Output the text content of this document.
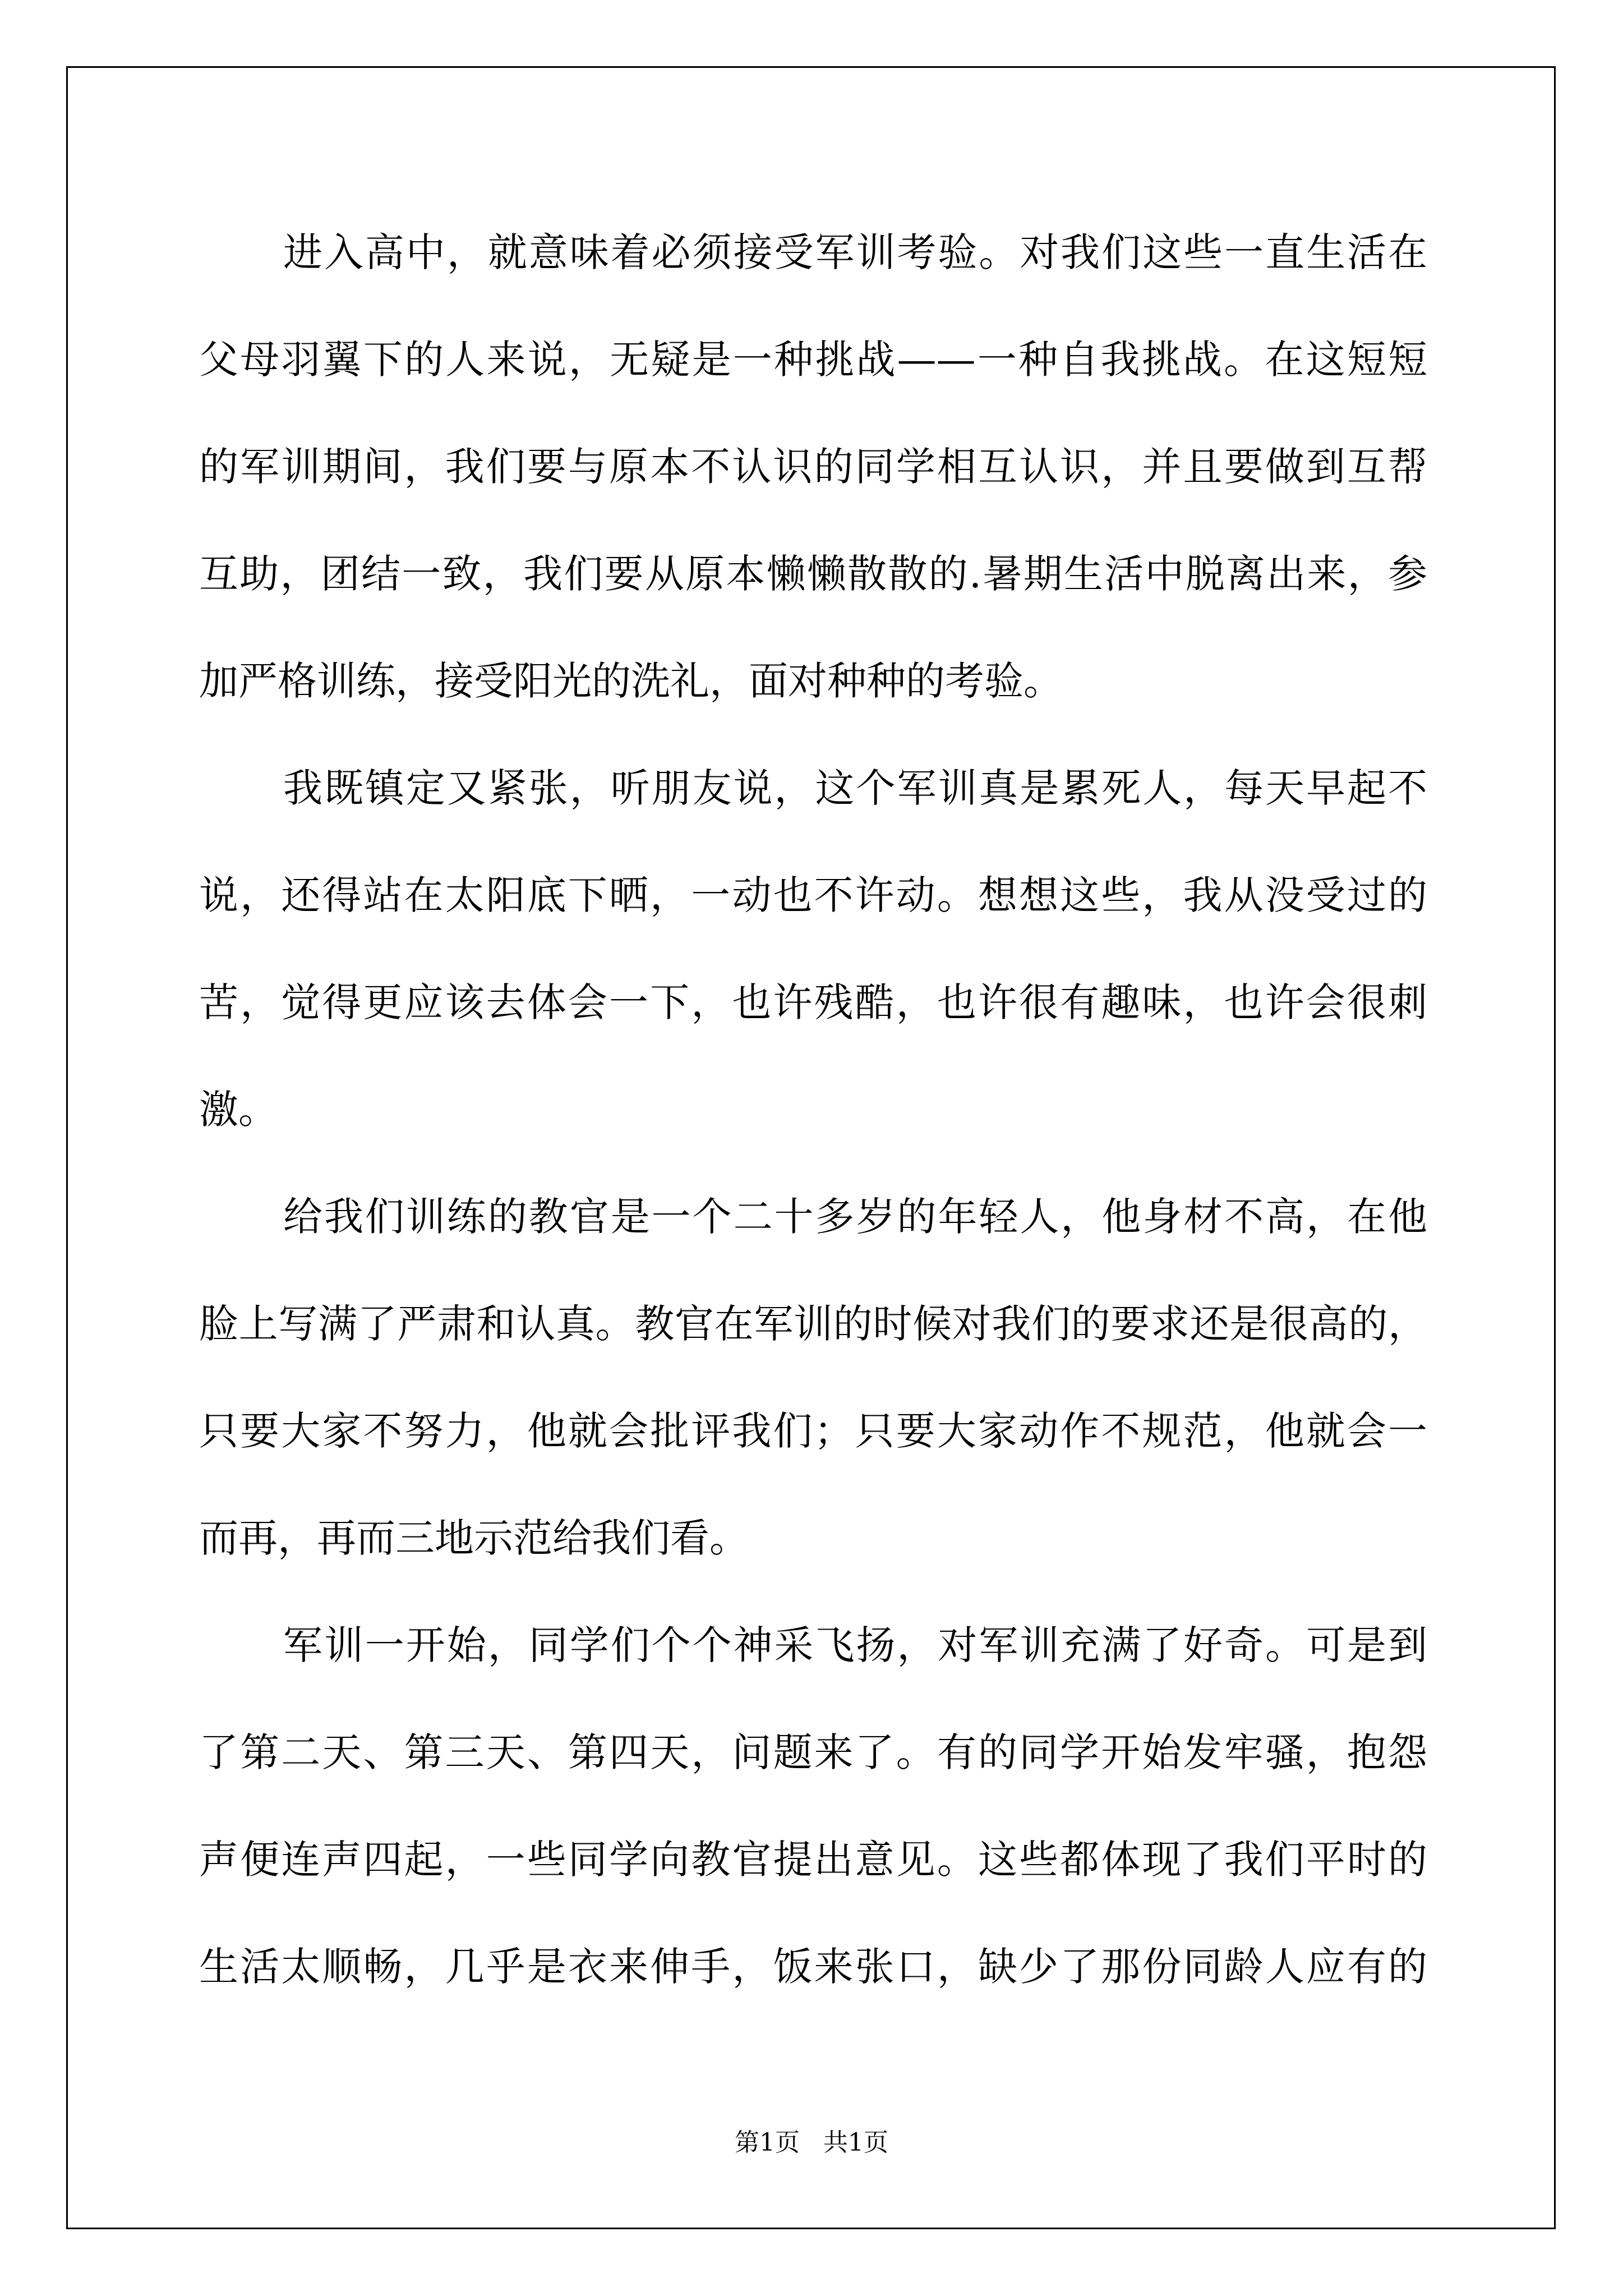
进入高中，就意味着必须接受军训考验。对我们这些一直生活在
父母羽翼下的人来说，无疑是一种挑战——一种自我挑战。在这短短
的军训期间，我们要与原本不认识的同学相互认识，并且要做到互帮
互助，团结一致，我们要从原本懒懒散散的.暑期生活中脱离出来，参
加严格训练，接受阳光的洗礼，面对种种的考验。
我既镇定又紧张，听朋友说，这个军训真是累死人，每天早起不
说，还得站在太阳底下晒，一动也不许动。想想这些，我从没受过的
苦，觉得更应该去体会一下，也许残酷，也许很有趣味，也许会很刺
激。
给我们训练的教官是一个二十多岁的年轻人，他身材不高，在他
脸上写满了严肃和认真。教官在军训的时候对我们的要求还是很高的，
只要大家不努力，他就会批评我们；只要大家动作不规范，他就会一
而再，再而三地示范给我们看。
军训一开始，同学们个个神采飞扬，对军训充满了好奇。可是到
了第二天、第三天、第四天，问题来了。有的同学开始发牢骚，抱怨
声便连声四起，一些同学向教官提出意见。这些都体现了我们平时的
生活太顺畅，几乎是衣来伸手，饭来张口，缺少了那份同龄人应有的
第1页   共1页
